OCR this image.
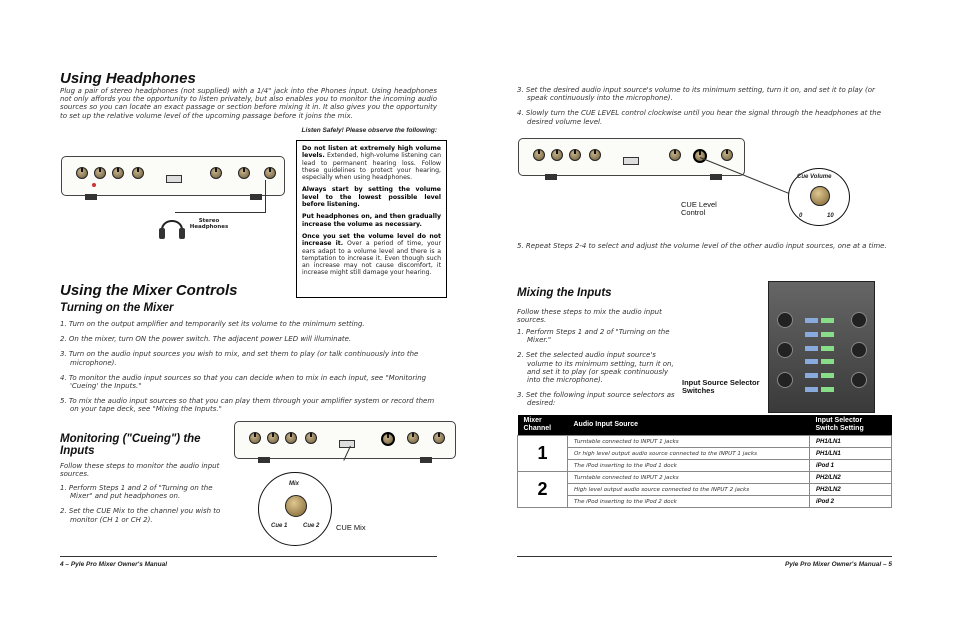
Using Headphones
Plug a pair of stereo headphones (not supplied) with a 1/4" jack into the Phones input. Using headphones not only affords you the opportunity to listen privately, but also enables you to monitor the incoming audio sources so you can locate an exact passage or section before mixing it in. It also gives you the opportunity to set up the relative volume level of the upcoming passage before it joins the mix.
Listen Safely! Please observe the following:
Stereo Headphones

Do not listen at extremely high volume levels. Extended, high-volume listening can lead to permanent hearing loss. Follow these guidelines to protect your hearing, especially when using headphones.

Always start by setting the volume level to the lowest possible level before listening.

Put headphones on, and then gradually increase the volume as necessary.

Once you set the volume level do not increase it. Over a period of time, your ears adapt to a volume level and there is a temptation to increase it. Even though such an increase may not cause discomfort, it increase might still damage your hearing.

Using the Mixer Controls
Turning on the Mixer

1. Turn on the output amplifier and temporarily set its volume to the minimum setting.

2. On the mixer, turn ON the power switch. The adjacent power LED will illuminate.

3. Turn on the audio input sources you wish to mix, and set them to play (or talk continuously into the microphone).

4. To monitor the audio input sources so that you can decide when to mix in each input, see "Monitoring 'Cueing' the Inputs."

5. To mix the audio input sources so that you can play them through your amplifier system or record them on your tape deck, see "Mixing the Inputs."

Monitoring ("Cueing") the Inputs
Follow these steps to monitor the audio input sources.

1. Perform Steps 1 and 2 of "Turning on the Mixer" and put headphones on.

2. Set the CUE Mix to the channel you wish to monitor (CH 1 or CH 2).

Mix
Cue 1	Cue 2 CUE Mix
4 – Pyle Pro Mixer Owner's Manual

3. Set the desired audio input source's volume to its minimum setting, turn it on, and set it to play (or speak continuously into the microphone).

4. Slowly turn the CUE LEVEL control clockwise until you hear the signal through the headphones at the desired volume level.

Cue Volume
0	10
CUE Level Control

5. Repeat Steps 2-4 to select and adjust the volume level of the other audio input sources, one at a time.

Mixing the Inputs
Follow these steps to mix the audio input sources.

1. Perform Steps 1 and 2 of "Turning on the Mixer."

2. Set the selected audio input source's volume to its minimum setting, turn it on, and set it to play (or speak continuously into the microphone).

3. Set the following input source selectors as desired:

Input Source Selector Switches
Mixer Channel	Audio Input Source	Input Selector Switch Setting
1	Turntable connected to INPUT 1 jacks	PH1/LN1
	Or high level output audio source connected to the INPUT 1 jacks	PH1/LN1
	The iPod inserting to the iPod 1 dock	iPod 1
2	Turntable connected to INPUT 2 jacks	PH2/LN2
	High level output audio source connected to the INPUT 2 jacks	PH2/LN2
	The iPod inserting to the iPod 2 dock	iPod 2
Pyle Pro Mixer Owner's Manual – 5
